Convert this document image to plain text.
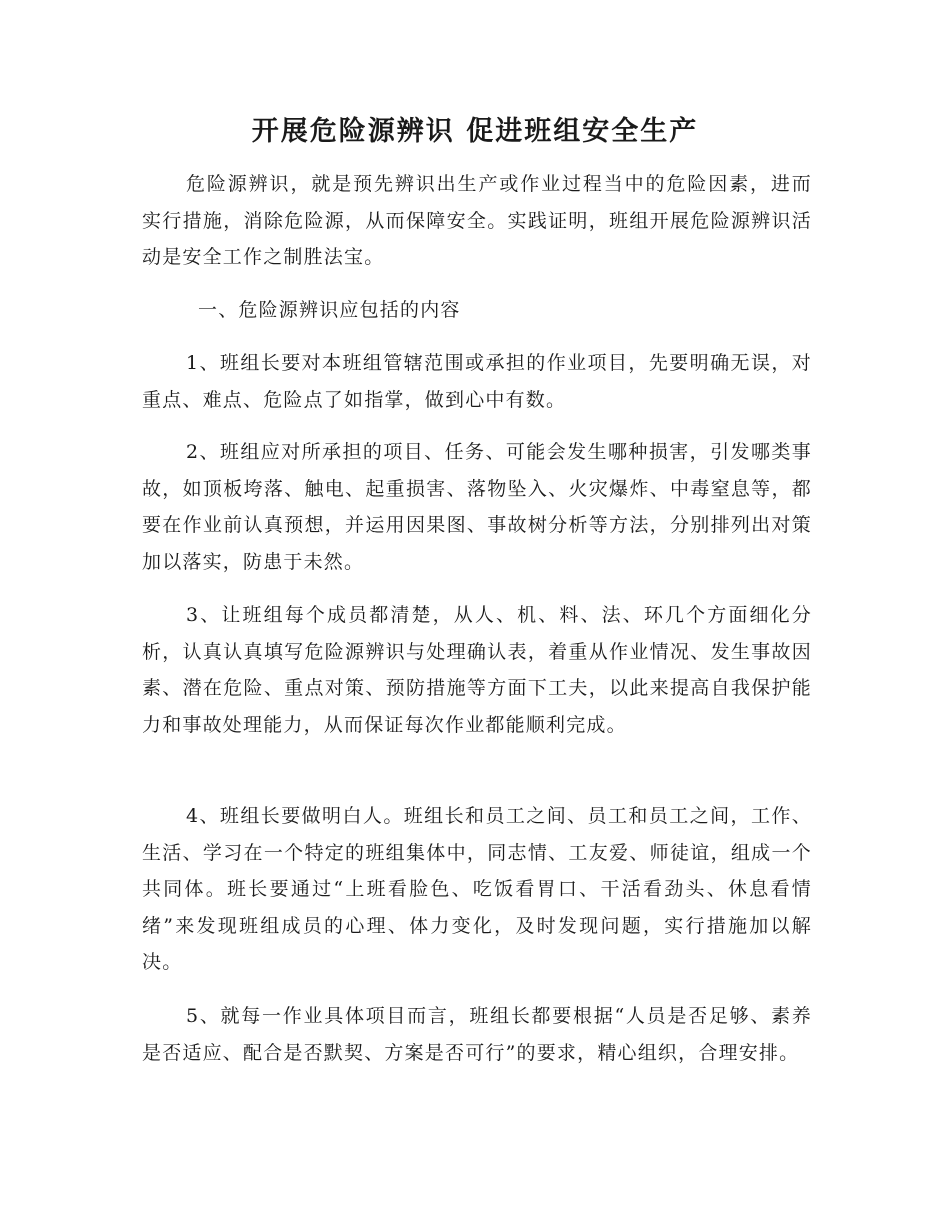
开展危险源辨识 促进班组安全生产

危险源辨识，就是预先辨识出生产或作业过程当中的危险因素，进而实行措施，消除危险源，从而保障安全。实践证明，班组开展危险源辨识活动是安全工作之制胜法宝。

一、危险源辨识应包括的内容

1、班组长要对本班组管辖范围或承担的作业项目，先要明确无误，对重点、难点、危险点了如指掌，做到心中有数。

2、班组应对所承担的项目、任务、可能会发生哪种损害，引发哪类事故，如顶板垮落、触电、起重损害、落物坠入、火灾爆炸、中毒窒息等，都要在作业前认真预想，并运用因果图、事故树分析等方法，分别排列出对策加以落实，防患于未然。

3、让班组每个成员都清楚，从人、机、料、法、环几个方面细化分析，认真认真填写危险源辨识与处理确认表，着重从作业情况、发生事故因素、潜在危险、重点对策、预防措施等方面下工夫，以此来提高自我保护能力和事故处理能力，从而保证每次作业都能顺利完成。

4、班组长要做明白人。班组长和员工之间、员工和员工之间，工作、生活、学习在一个特定的班组集体中，同志情、工友爱、师徒谊，组成一个共同体。班长要通过“上班看脸色、吃饭看胃口、干活看劲头、休息看情绪”来发现班组成员的心理、体力变化，及时发现问题，实行措施加以解决。

5、就每一作业具体项目而言，班组长都要根据“人员是否足够、素养是否适应、配合是否默契、方案是否可行”的要求，精心组织，合理安排。
